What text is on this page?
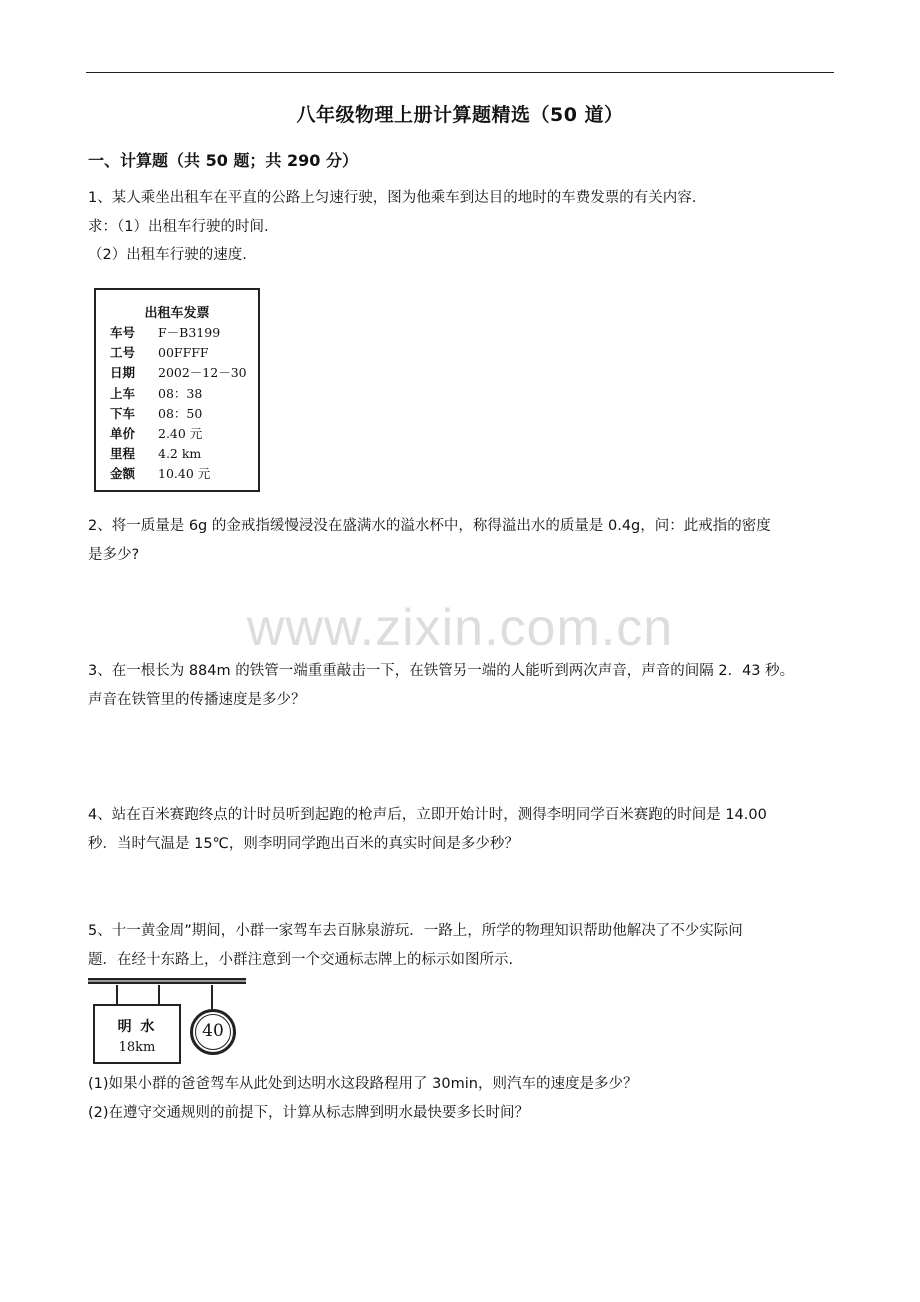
八年级物理上册计算题精选（50 道）
一、计算题（共 50 题；共 290 分）
1、某人乘坐出租车在平直的公路上匀速行驶，图为他乘车到达目的地时的车费发票的有关内容.
求：（1）出租车行驶的时间.
（2）出租车行驶的速度.
出租车发票
车号	F－B3199
工号	00FFFF
日期	2002－12－30
上车	08：38
下车	08：50
单价	2.40 元
里程	4.2 km
金额	10.40 元
2、将一质量是 6g 的金戒指缓慢浸没在盛满水的溢水杯中，称得溢出水的质量是 0.4g，问：此戒指的密度
是多少?
www.zixin.com.cn
3、在一根长为 884m 的铁管一端重重敲击一下，在铁管另一端的人能听到两次声音，声音的间隔 2．43 秒。
声音在铁管里的传播速度是多少？
4、站在百米赛跑终点的计时员听到起跑的枪声后，立即开始计时，测得李明同学百米赛跑的时间是 14.00
秒．当时气温是 15℃，则李明同学跑出百米的真实时间是多少秒？
5、十一黄金周”期间，小群一家驾车去百脉泉游玩．一路上，所学的物理知识帮助他解决了不少实际问
题．在经十东路上，小群注意到一个交通标志牌上的标示如图所示.
明 水
18km
40
(1)如果小群的爸爸驾车从此处到达明水这段路程用了 30min，则汽车的速度是多少？
(2)在遵守交通规则的前提下，计算从标志牌到明水最快要多长时间？
